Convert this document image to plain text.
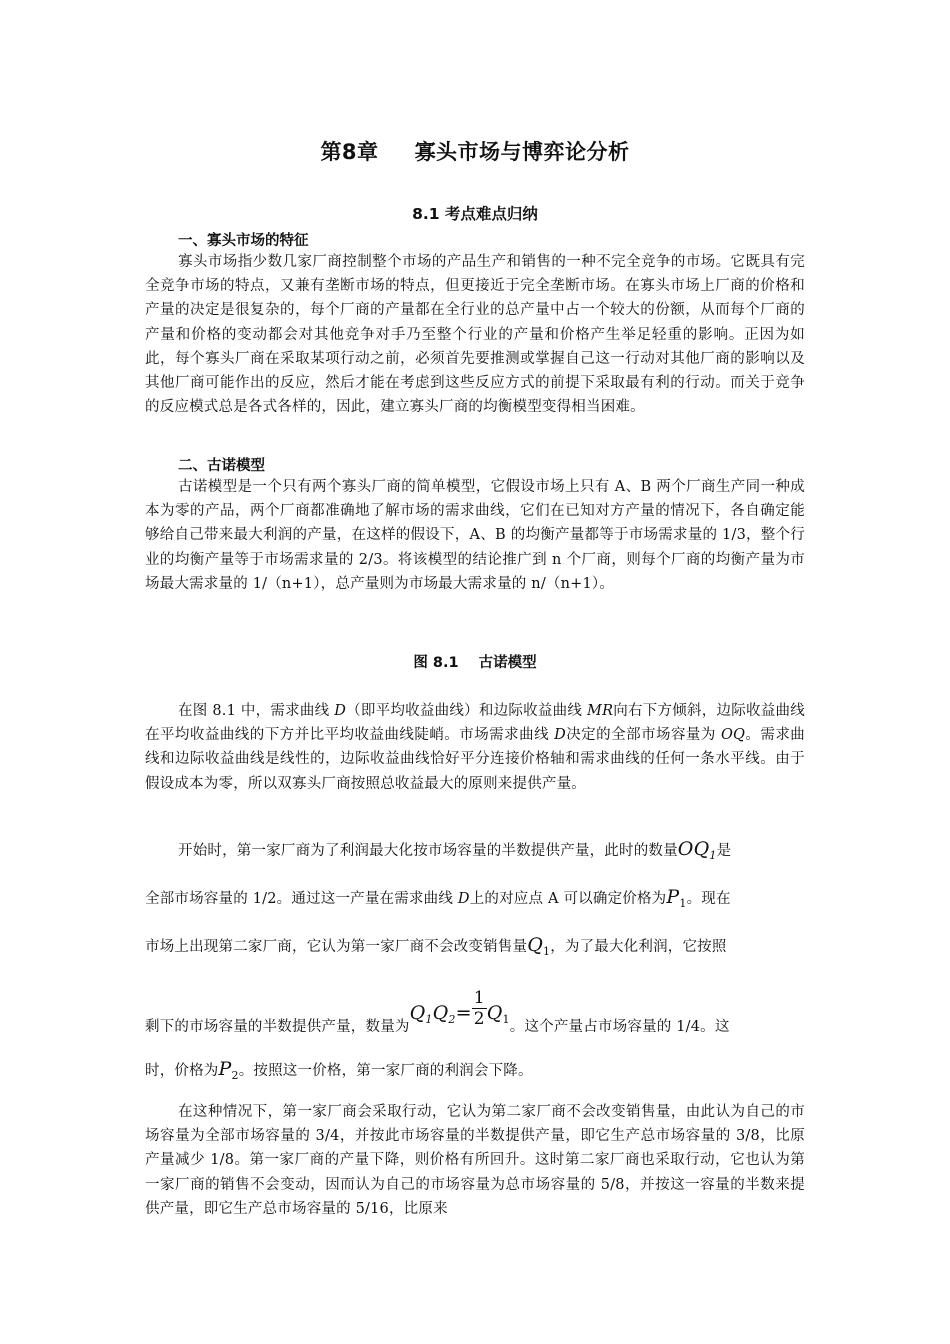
第8章 寡头市场与博弈论分析
8.1 考点难点归纳
一、寡头市场的特征

寡头市场指少数几家厂商控制整个市场的产品生产和销售的一种不完全竞争的市场。它既具有完全竞争市场的特点，又兼有垄断市场的特点，但更接近于完全垄断市场。在寡头市场上厂商的价格和产量的决定是很复杂的，每个厂商的产量都在全行业的总产量中占一个较大的份额，从而每个厂商的产量和价格的变动都会对其他竞争对手乃至整个行业的产量和价格产生举足轻重的影响。正因为如此，每个寡头厂商在采取某项行动之前，必须首先要推测或掌握自己这一行动对其他厂商的影响以及其他厂商可能作出的反应，然后才能在考虑到这些反应方式的前提下采取最有利的行动。而关于竞争的反应模式总是各式各样的，因此，建立寡头厂商的均衡模型变得相当困难。

二、古诺模型

古诺模型是一个只有两个寡头厂商的简单模型，它假设市场上只有 A、B 两个厂商生产同一种成本为零的产品，两个厂商都准确地了解市场的需求曲线，它们在已知对方产量的情况下，各自确定能够给自己带来最大利润的产量，在这样的假设下，A、B 的均衡产量都等于市场需求量的 1/3，整个行业的均衡产量等于市场需求量的 2/3。将该模型的结论推广到 n 个厂商，则每个厂商的均衡产量为市场最大需求量的 1/（n+1），总产量则为市场最大需求量的 n/（n+1）。

图 8.1 古诺模型

在图 8.1 中，需求曲线 D（即平均收益曲线）和边际收益曲线 MR向右下方倾斜，边际收益曲线在平均收益曲线的下方并比平均收益曲线陡峭。市场需求曲线 D决定的全部市场容量为 OQ。需求曲线和边际收益曲线是线性的，边际收益曲线恰好平分连接价格轴和需求曲线的任何一条水平线。由于假设成本为零，所以双寡头厂商按照总收益最大的原则来提供产量。

开始时，第一家厂商为了利润最大化按市场容量的半数提供产量，此时的数量$OQ_1$是
全部市场容量的 1/2。通过这一产量在需求曲线 D上的对应点 A 可以确定价格为$P_1$。现在
市场上出现第二家厂商，它认为第一家厂商不会改变销售量$Q_1$，为了最大化利润，它按照
剩下的市场容量的半数提供产量，数量为$Q_1Q_2= \frac{1}{2} Q_1$。这个产量占市场容量的 1/4。这
时，价格为$P_2$。按照这一价格，第一家厂商的利润会下降。

在这种情况下，第一家厂商会采取行动，它认为第二家厂商不会改变销售量，由此认为自己的市场容量为全部市场容量的 3/4，并按此市场容量的半数提供产量，即它生产总市场容量的 3/8，比原产量减少 1/8。第一家厂商的产量下降，则价格有所回升。这时第二家厂商也采取行动，它也认为第一家厂商的销售不会变动，因而认为自己的市场容量为总市场容量的 5/8，并按这一容量的半数来提供产量，即它生产总市场容量的 5/16，比原来
